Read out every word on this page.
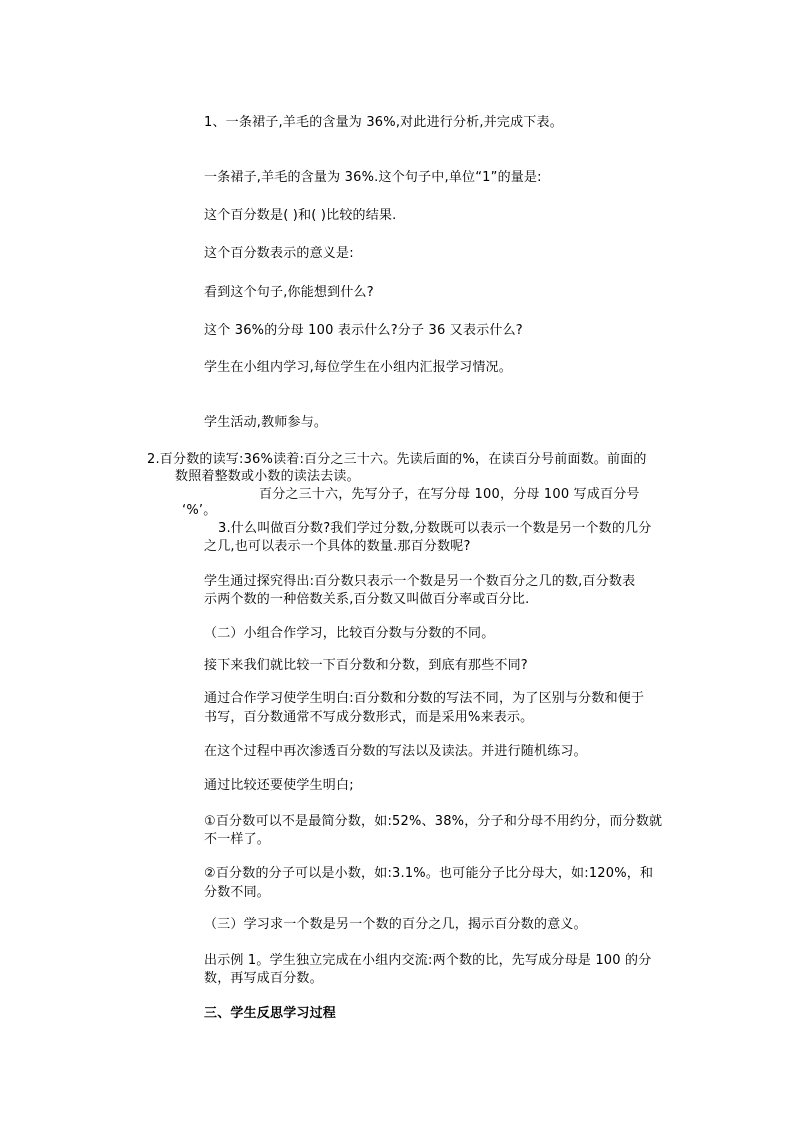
1、一条裙子,羊毛的含量为 36%,对此进行分析,并完成下表。
一条裙子,羊毛的含量为 36%.这个句子中,单位“1”的量是:
这个百分数是( )和( )比较的结果.
这个百分数表示的意义是:
看到这个句子,你能想到什么?
这个 36%的分母 100 表示什么?分子 36 又表示什么?
学生在小组内学习,每位学生在小组内汇报学习情况。
学生活动,教师参与。
2.百分数的读写:36%读着:百分之三十六。先读后面的%，在读百分号前面数。前面的
数照着整数或小数的读法去读。
百分之三十六，先写分子，在写分母 100，分母 100 写成百分号
‘%’。
3.什么叫做百分数?我们学过分数,分数既可以表示一个数是另一个数的几分
之几,也可以表示一个具体的数量.那百分数呢?
学生通过探究得出:百分数只表示一个数是另一个数百分之几的数,百分数表
示两个数的一种倍数关系,百分数又叫做百分率或百分比.
（二）小组合作学习，比较百分数与分数的不同。
接下来我们就比较一下百分数和分数，到底有那些不同?
通过合作学习使学生明白:百分数和分数的写法不同，为了区别与分数和便于
书写，百分数通常不写成分数形式，而是采用%来表示。
在这个过程中再次渗透百分数的写法以及读法。并进行随机练习。
通过比较还要使学生明白;
①百分数可以不是最简分数，如:52%、38%，分子和分母不用约分，而分数就
不一样了。
②百分数的分子可以是小数，如:3.1%。也可能分子比分母大，如:120%，和
分数不同。
（三）学习求一个数是另一个数的百分之几，揭示百分数的意义。
出示例 1。学生独立完成在小组内交流:两个数的比，先写成分母是 100 的分
数，再写成百分数。
三、学生反思学习过程
